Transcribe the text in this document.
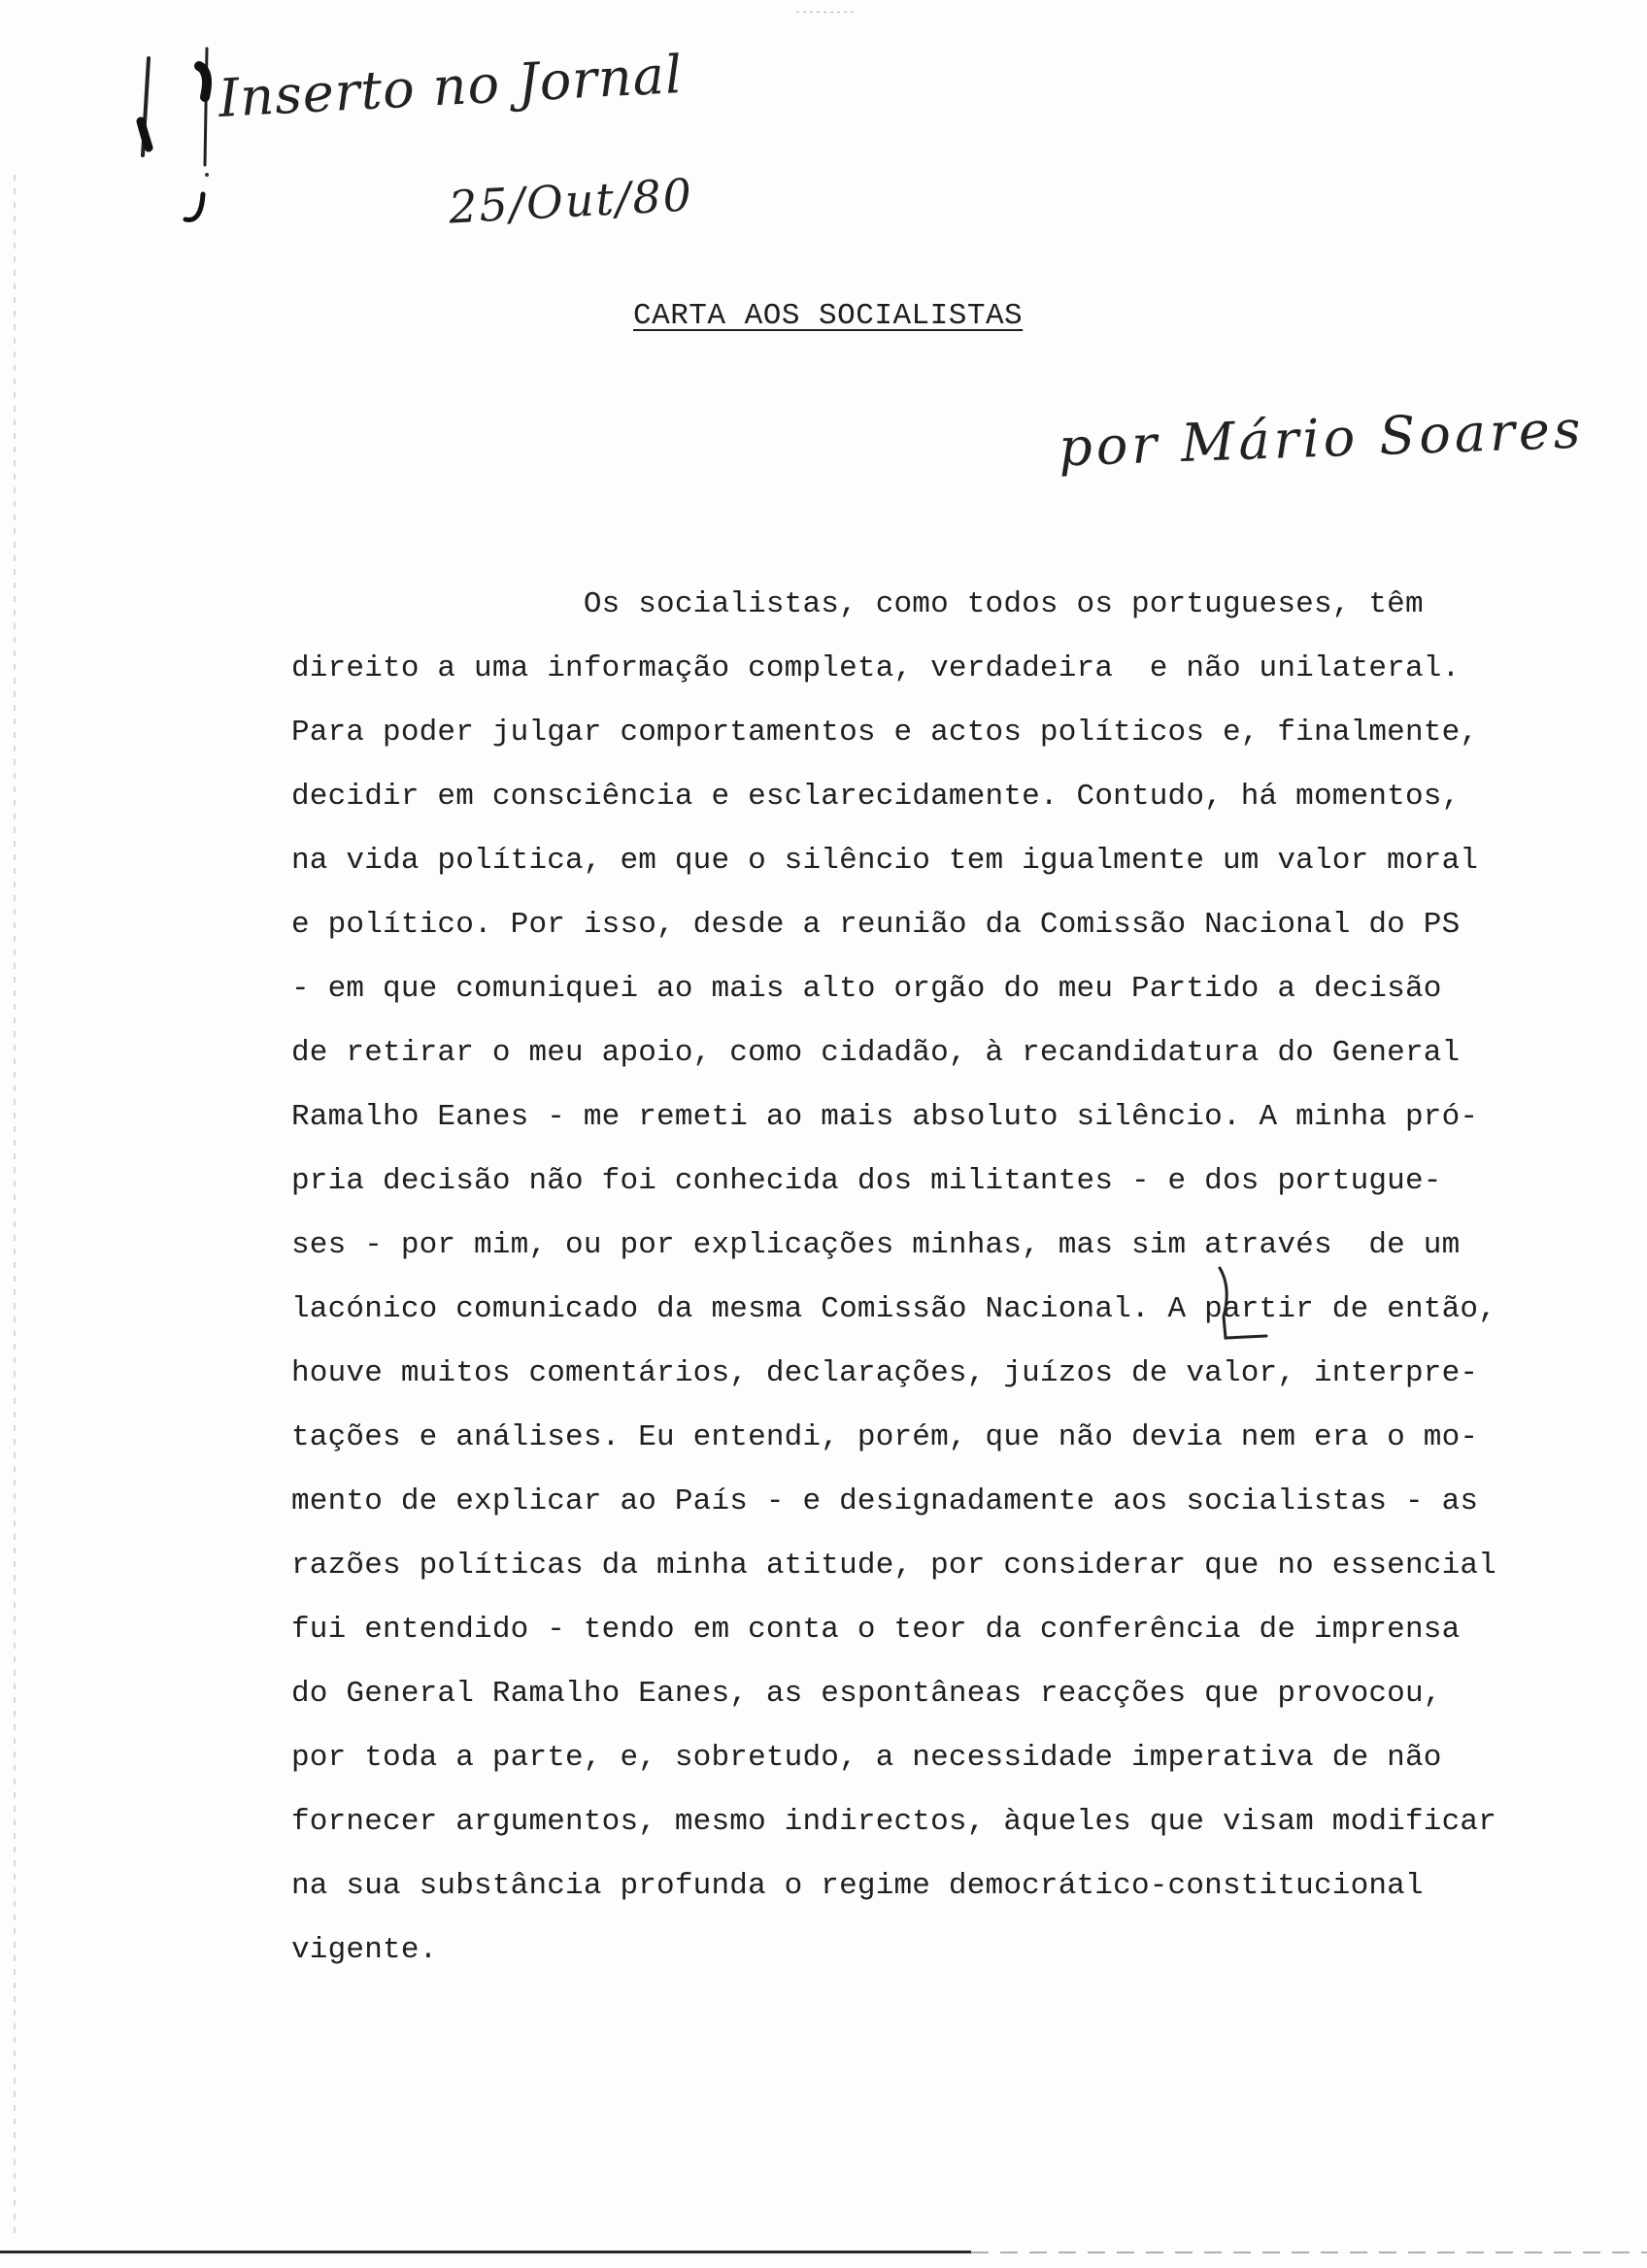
Inserto no Jornal
25/Out/80
por Mário Soares
CARTA AOS SOCIALISTAS
Os socialistas, como todos os portugueses, têm
direito a uma informação completa, verdadeira  e não unilateral.
Para poder julgar comportamentos e actos políticos e, finalmente,
decidir em consciência e esclarecidamente. Contudo, há momentos,
na vida política, em que o silêncio tem igualmente um valor moral
e político. Por isso, desde a reunião da Comissão Nacional do PS
- em que comuniquei ao mais alto orgão do meu Partido a decisão
de retirar o meu apoio, como cidadão, à recandidatura do General
Ramalho Eanes - me remeti ao mais absoluto silêncio. A minha pró-
pria decisão não foi conhecida dos militantes - e dos portugue-
ses - por mim, ou por explicações minhas, mas sim através  de um
lacónico comunicado da mesma Comissão Nacional. A partir de então,
houve muitos comentários, declarações, juízos de valor, interpre-
tações e análises. Eu entendi, porém, que não devia nem era o mo-
mento de explicar ao País - e designadamente aos socialistas - as
razões políticas da minha atitude, por considerar que no essencial
fui entendido - tendo em conta o teor da conferência de imprensa
do General Ramalho Eanes, as espontâneas reacções que provocou,
por toda a parte, e, sobretudo, a necessidade imperativa de não
fornecer argumentos, mesmo indirectos, àqueles que visam modificar
na sua substância profunda o regime democrático-constitucional
vigente.
